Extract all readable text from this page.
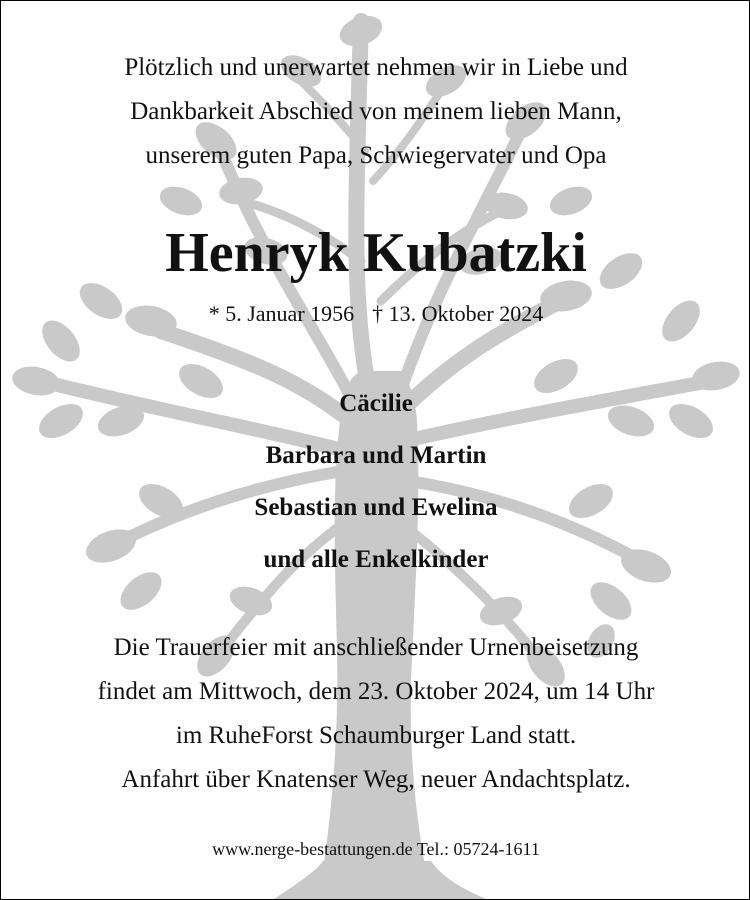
Plötzlich und unerwartet nehmen wir in Liebe und
Dankbarkeit Abschied von meinem lieben Mann,
unserem guten Papa, Schwiegervater und Opa
Henryk Kubatzki
* 5. Januar 1956 † 13. Oktober 2024
Cäcilie
Barbara und Martin
Sebastian und Ewelina
und alle Enkelkinder
Die Trauerfeier mit anschließender Urnenbeisetzung
findet am Mittwoch, dem 23. Oktober 2024, um 14 Uhr
im RuheForst Schaumburger Land statt.
Anfahrt über Knatenser Weg, neuer Andachtsplatz.
www.nerge-bestattungen.de Tel.: 05724-1611
